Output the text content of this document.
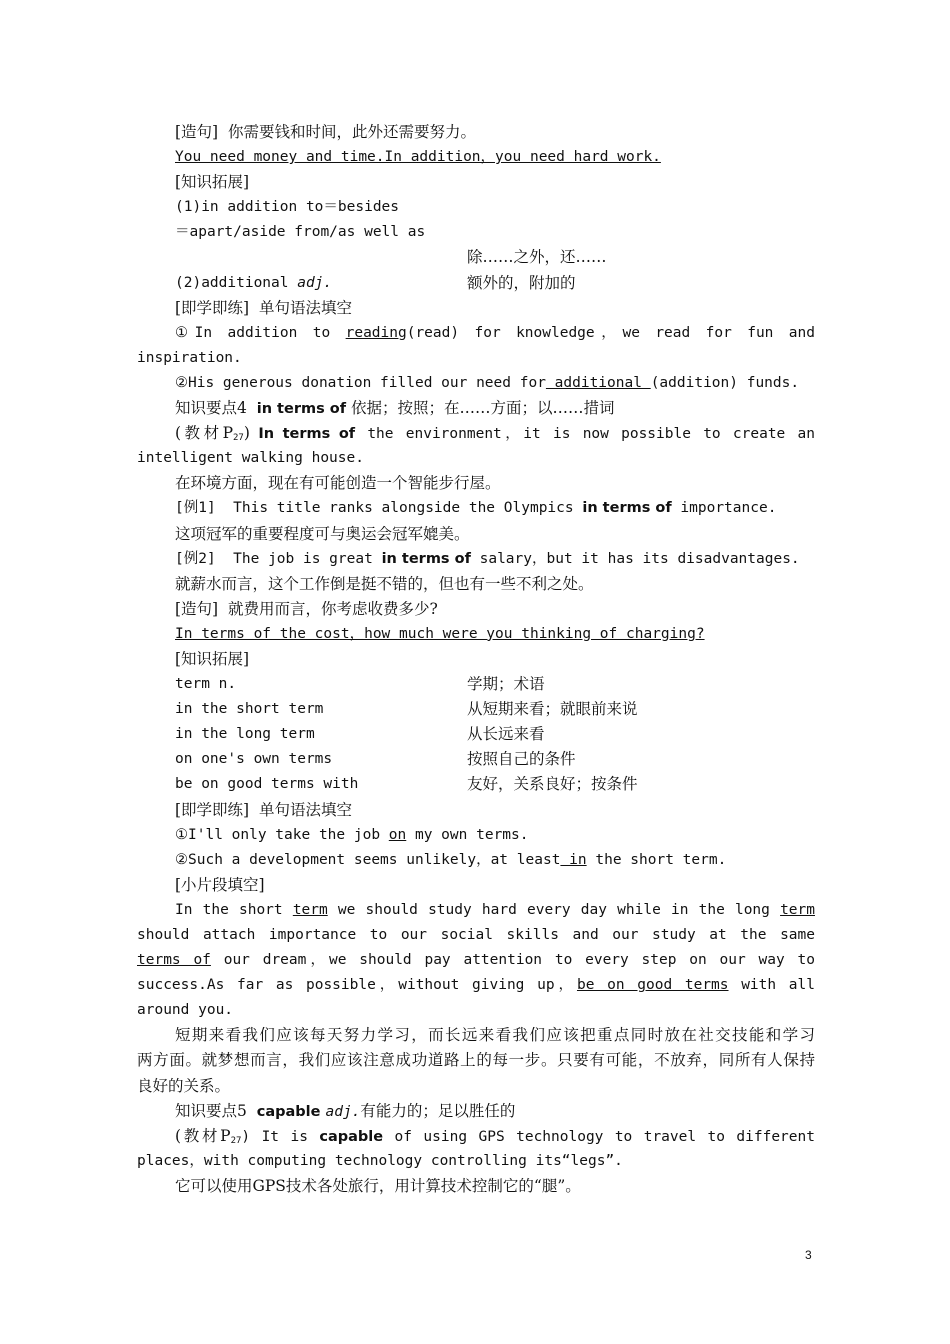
[造句]  你需要钱和时间，此外还需要努力。
You need money and time.In addition，you need hard work.
[知识拓展]
(1)in addition to＝besides
＝apart/aside from/as well as
除……之外，还……
(2)additional adj.	额外的，附加的
[即学即练]  单句语法填空
①In addition to reading(read) for knowledge，we read for fun and
inspiration.
②His generous donation filled our need for additional (addition) funds.
知识要点4  in terms of 依据；按照；在……方面；以……措词
(教材$P_{27}$) In terms of the environment，it is now possible to create an
intelligent walking house.
在环境方面，现在有可能创造一个智能步行屋。
[例1]  This title ranks alongside the Olympics in terms of importance.
这项冠军的重要程度可与奥运会冠军媲美。
[例2]  The job is great in terms of salary，but it has its disadvantages.
就薪水而言，这个工作倒是挺不错的，但也有一些不利之处。
[造句]  就费用而言，你考虑收费多少?
In terms of the cost，how much were you thinking of charging?
[知识拓展]
term n.	学期；术语
in the short term	从短期来看；就眼前来说
in the long term	从长远来看
on one's own terms	按照自己的条件
be on good terms with	友好，关系良好；按条件
[即学即练]  单句语法填空
①I'll only take the job on my own terms.
②Such a development seems unlikely，at least in the short term.
[小片段填空]
In the short term we should study hard every day while in the long term
should attach importance to our social skills and our study at the same
terms of our dream，we should pay attention to every step on our way to
success.As far as possible，without giving up，be on good terms with all
around you.
短期来看我们应该每天努力学习，而长远来看我们应该把重点同时放在社交技能和学习
两方面。就梦想而言，我们应该注意成功道路上的每一步。只要有可能，不放弃，同所有人保持
良好的关系。
知识要点5  capable adj.有能力的；足以胜任的
(教材$P_{27}$) It is capable of using GPS technology to travel to different
places，with computing technology controlling its“legs”.
它可以使用GPS技术各处旅行，用计算技术控制它的“腿”。
3
